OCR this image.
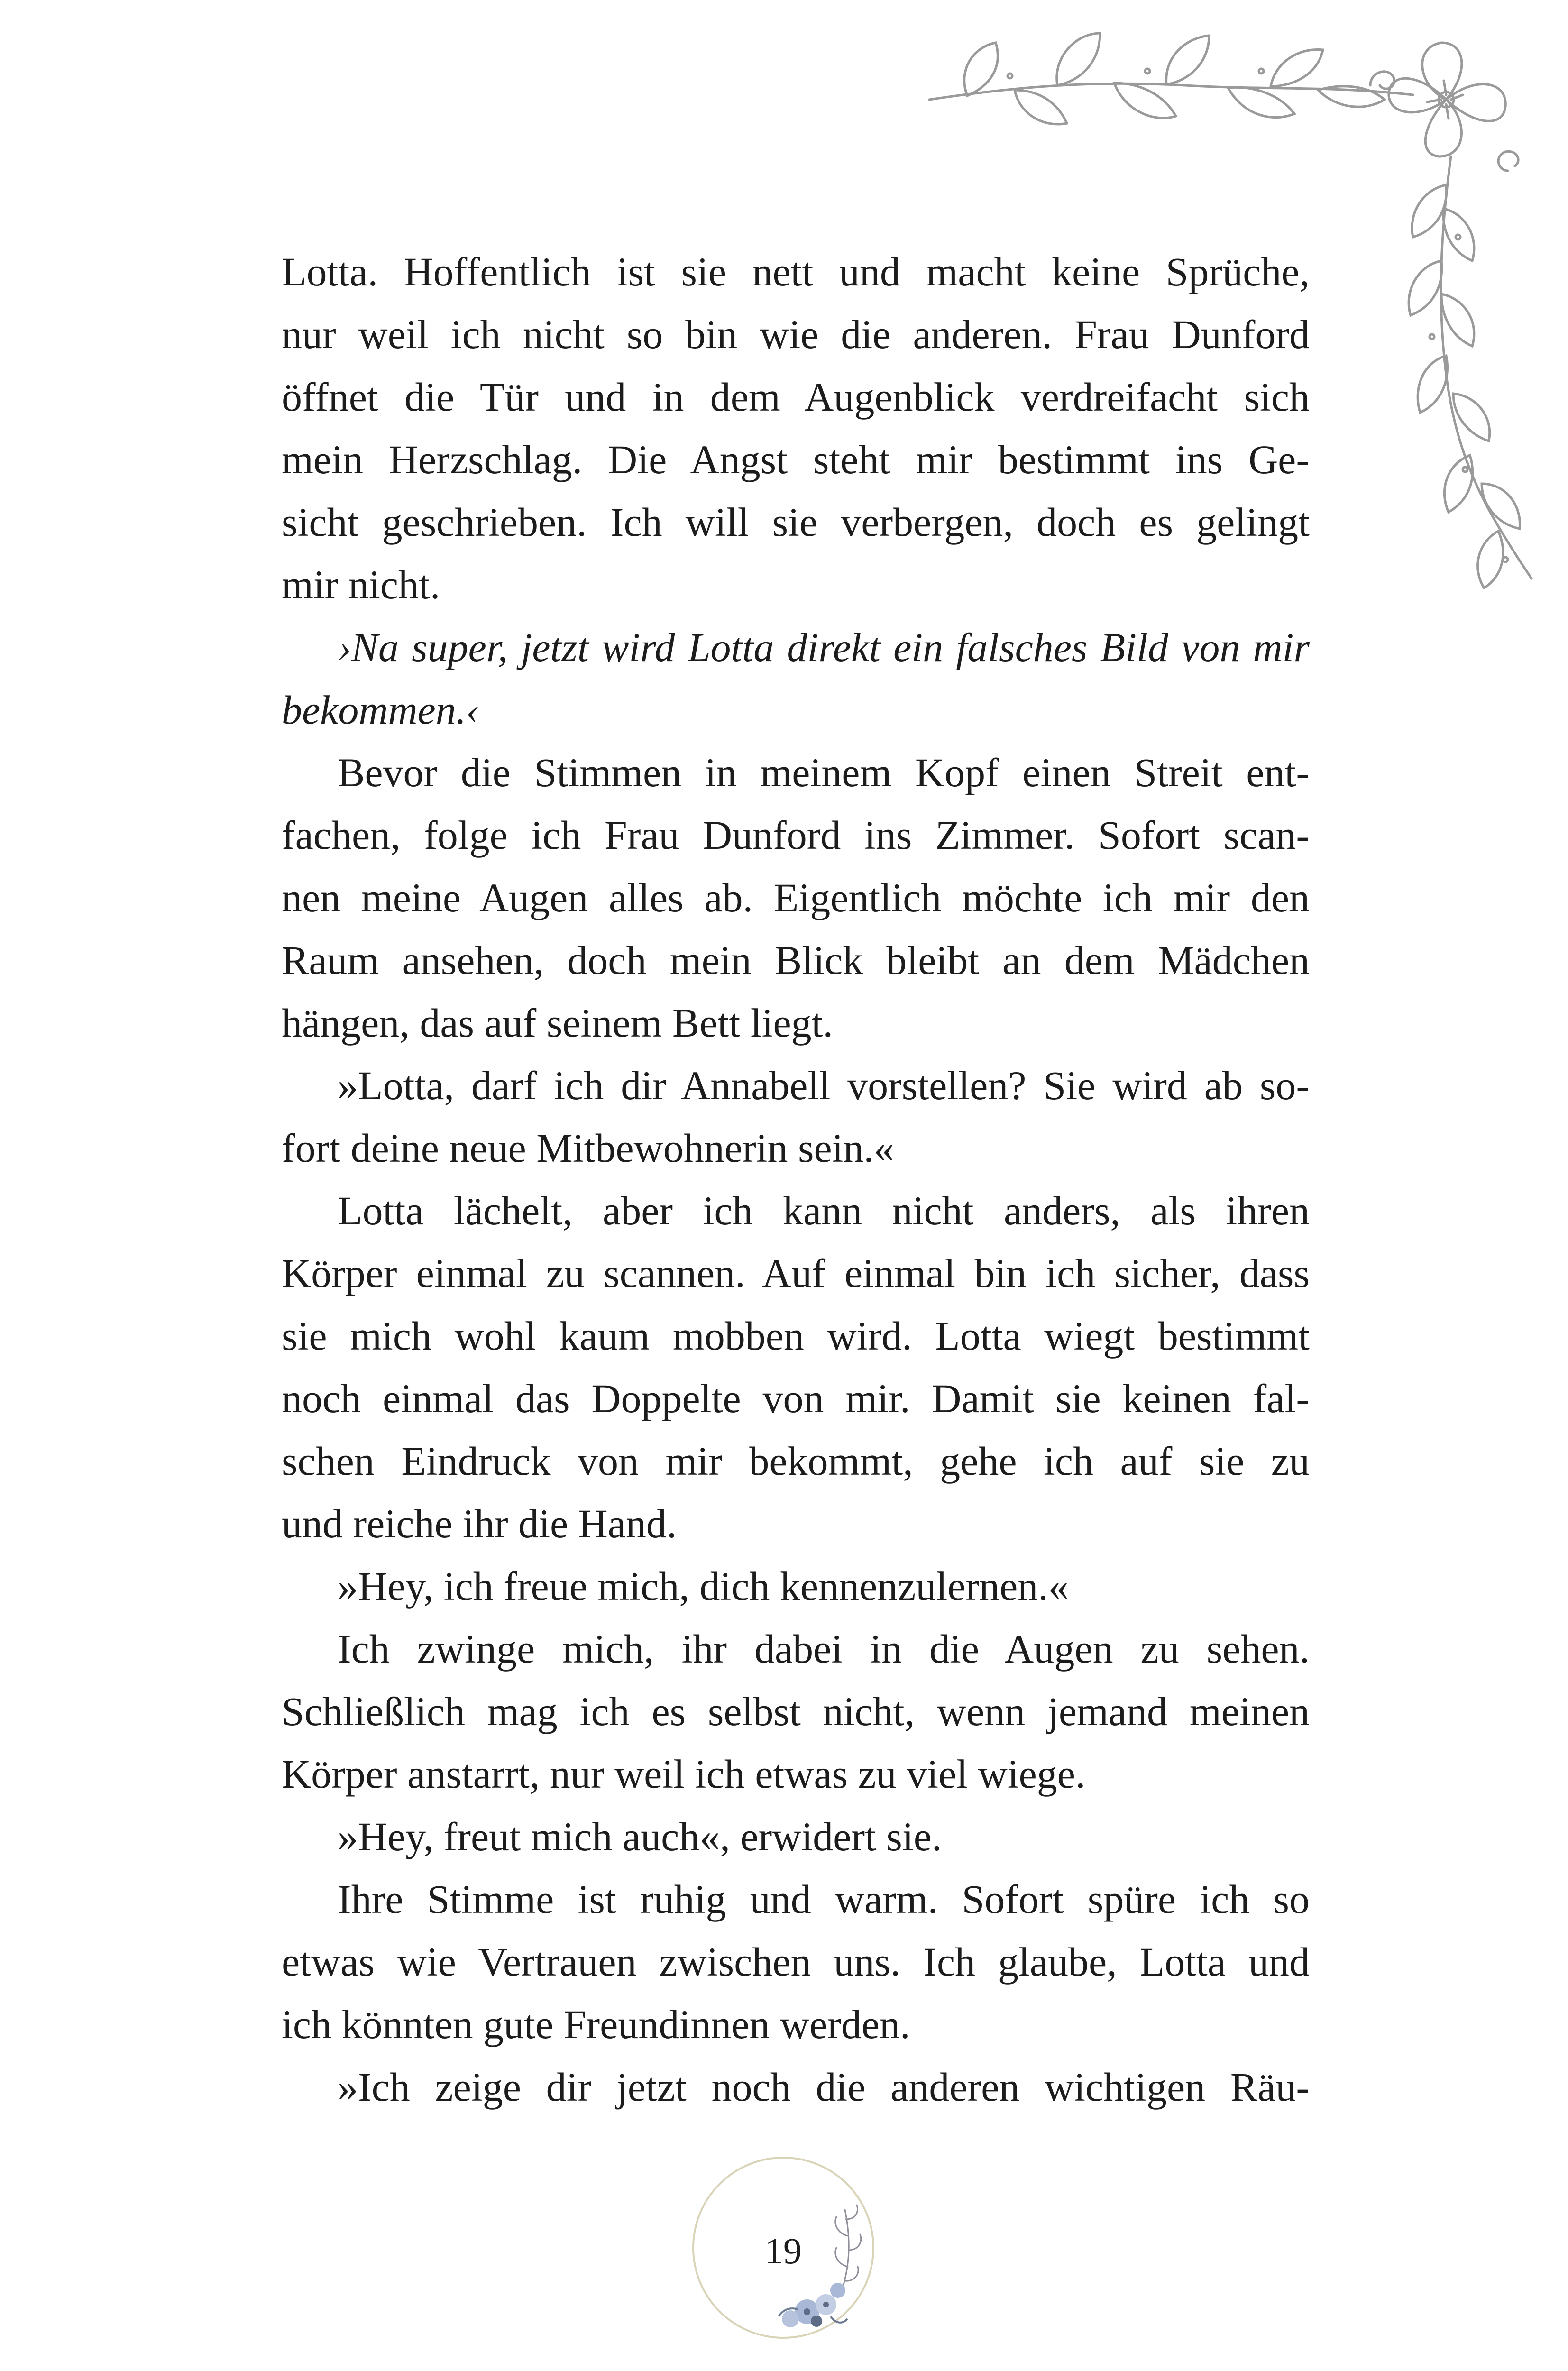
Lotta. Hoffentlich ist sie nett und macht keine Sprüche,
nur weil ich nicht so bin wie die anderen. Frau Dunford
öffnet die Tür und in dem Augenblick verdreifacht sich
mein Herzschlag. Die Angst steht mir bestimmt ins Ge-
sicht geschrieben. Ich will sie verbergen, doch es gelingt
mir nicht.
›Na super, jetzt wird Lotta direkt ein falsches Bild von mir
bekommen.‹
Bevor die Stimmen in meinem Kopf einen Streit ent-
fachen, folge ich Frau Dunford ins Zimmer. Sofort scan-
nen meine Augen alles ab. Eigentlich möchte ich mir den
Raum ansehen, doch mein Blick bleibt an dem Mädchen
hängen, das auf seinem Bett liegt.
»Lotta, darf ich dir Annabell vorstellen? Sie wird ab so-
fort deine neue Mitbewohnerin sein.«
Lotta lächelt, aber ich kann nicht anders, als ihren
Körper einmal zu scannen. Auf einmal bin ich sicher, dass
sie mich wohl kaum mobben wird. Lotta wiegt bestimmt
noch einmal das Doppelte von mir. Damit sie keinen fal-
schen Eindruck von mir bekommt, gehe ich auf sie zu
und reiche ihr die Hand.
»Hey, ich freue mich, dich kennenzulernen.«
Ich zwinge mich, ihr dabei in die Augen zu sehen.
Schließlich mag ich es selbst nicht, wenn jemand meinen
Körper anstarrt, nur weil ich etwas zu viel wiege.
»Hey, freut mich auch«, erwidert sie.
Ihre Stimme ist ruhig und warm. Sofort spüre ich so
etwas wie Vertrauen zwischen uns. Ich glaube, Lotta und
ich könnten gute Freundinnen werden.
»Ich zeige dir jetzt noch die anderen wichtigen Räu-
19
